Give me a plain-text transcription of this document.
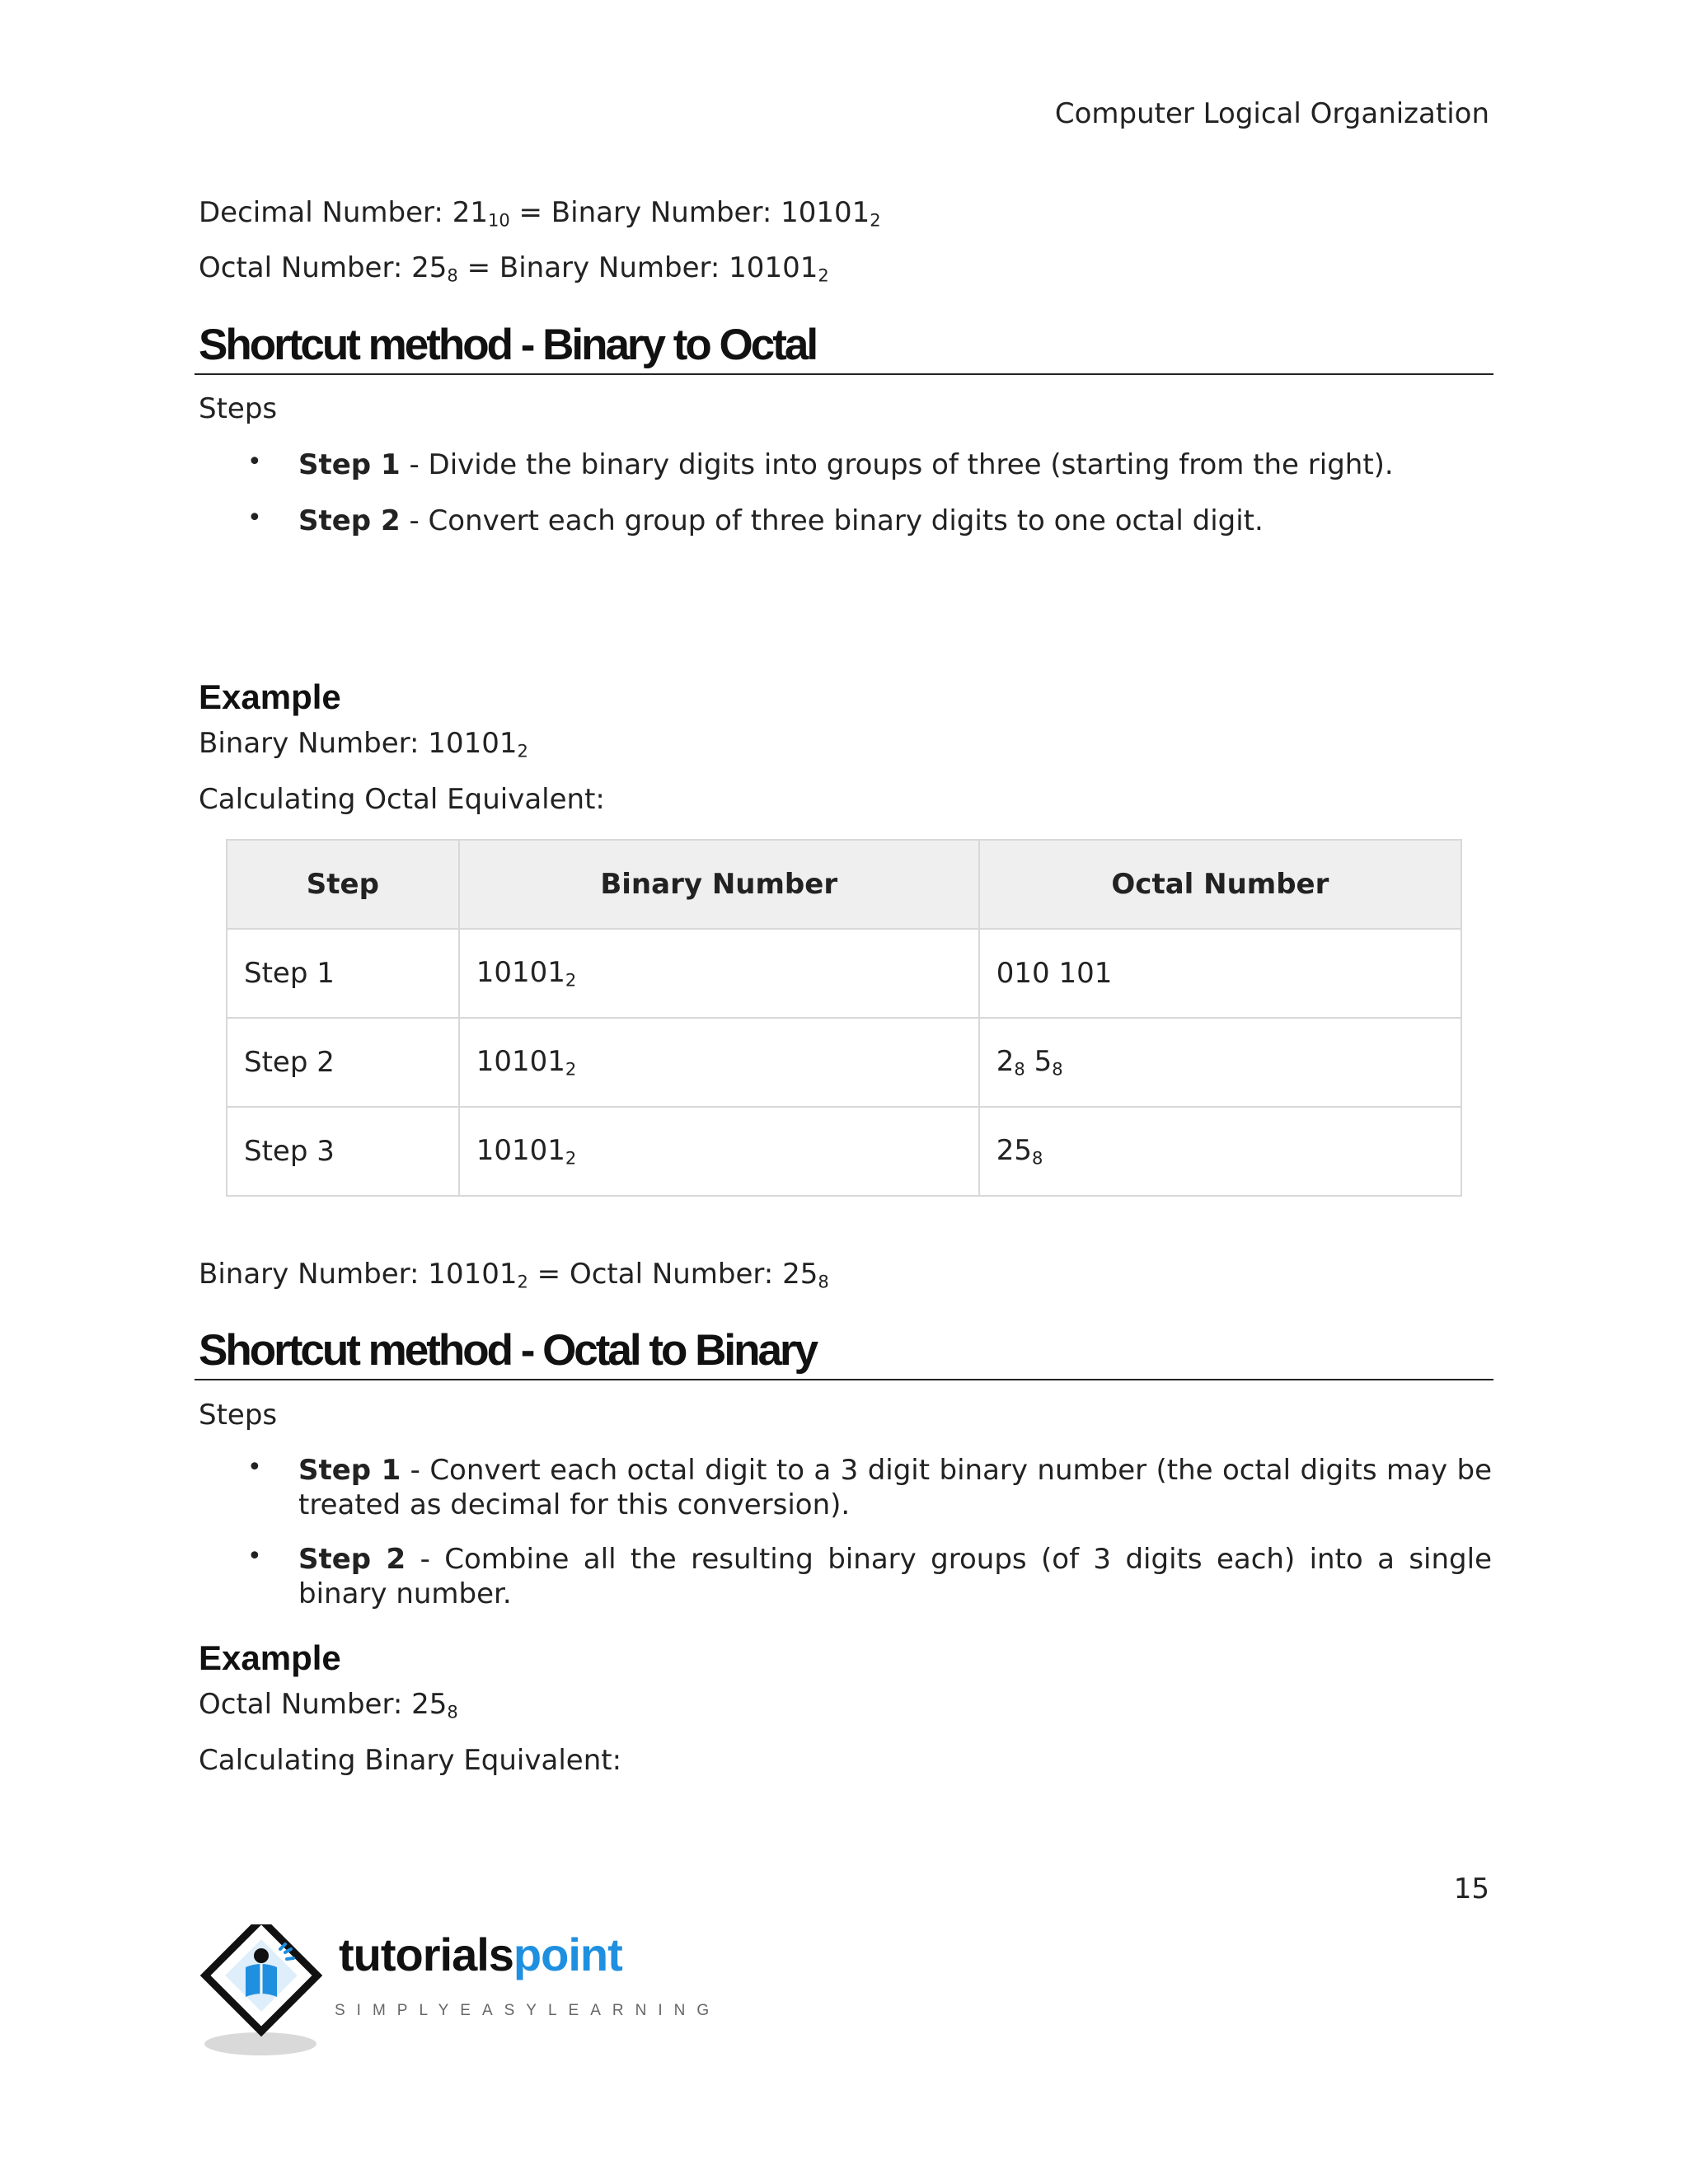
Computer Logical Organization
Decimal Number: $21_{10}$ = Binary Number: $10101_2$
Octal Number: $25_8$ = Binary Number: $10101_2$
Shortcut method - Binary to Octal
Steps
• Step 1 - Divide the binary digits into groups of three (starting from the right).
• Step 2 - Convert each group of three binary digits to one octal digit.
Example
Binary Number: $10101_2$
Calculating Octal Equivalent:
Step	Binary Number	Octal Number
Step 1	$10101_2$	010 101
Step 2	$10101_2$	$2_8$ $5_8$
Step 3	$10101_2$	$25_8$
Binary Number: $10101_2$ = Octal Number: $25_8$
Shortcut method - Octal to Binary
Steps
• Step 1 - Convert each octal digit to a 3 digit binary number (the octal digits may be treated as decimal for this conversion).
• Step 2 - Combine all the resulting binary groups (of 3 digits each) into a single binary number.
Example
Octal Number: $25_8$
Calculating Binary Equivalent:
15
tutorialspoint
SIMPLYEASYLEARNING
